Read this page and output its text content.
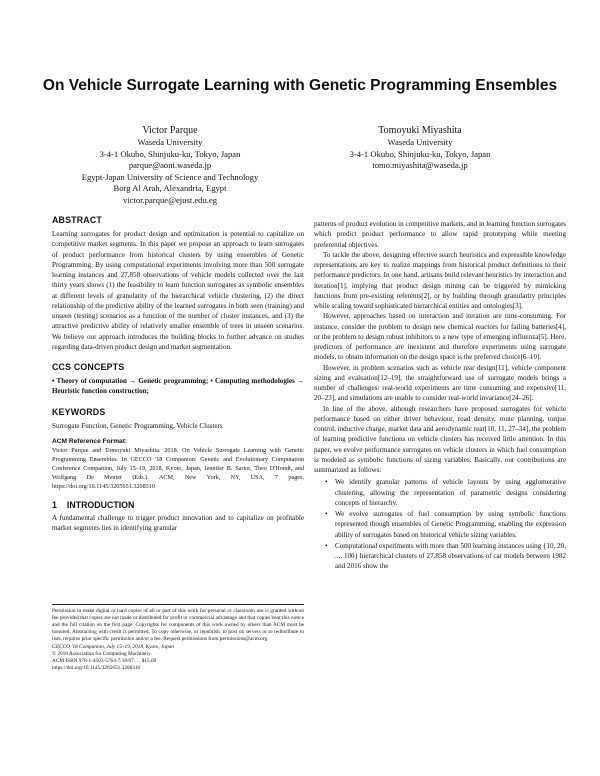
On Vehicle Surrogate Learning with Genetic Programming Ensembles
Victor Parque
Waseda University
3-4-1 Okubo, Shinjuku-ku, Tokyo, Japan
parque@aoni.waseda.jp
Egypt-Japan University of Science and Technology
Borg Al Arah, Alexandria, Egypt
victor.parque@ejust.edu.eg
Tomoyuki Miyashita
Waseda University
3-4-1 Okubo, Shinjuku-ku, Tokyo, Japan
tomo.miyashita@waseda.jp
ABSTRACT

Learning surrogates for product design and optimization is potential to capitalize on competitive market segments. In this paper we propose an approach to learn surrogates of product performance from historical clusters by using ensembles of Genetic Programming. By using computational experiments involving more than 500 surrogate learning instances and 27,858 observations of vehicle models collected over the last thirty years shows (1) the feasibility to learn function surrogates as symbolic ensembles at different levels of granularity of the hierarchical vehicle clustering, (2) the direct relationship of the predictive ability of the learned surrogates in both seen (training) and unseen (testing) scenarios as a function of the number of cluster instances, and (3) the attractive predictive ability of relatively smaller ensemble of trees in unseen scenarios. We believe our approach introduces the building blocks to further advance on studies regarding data-driven product design and market segmentation.

CCS CONCEPTS

• Theory of computation → Genetic programming; • Computing methodologies → Heuristic function construction;

KEYWORDS

Surrogate Function, Genetic Programming, Vehicle Clusters

ACM Reference Format:

Victor Parque and Tomoyuki Miyashita. 2018. On Vehicle Surrogate Learning with Genetic Programming Ensembles. In GECCO '18 Companion: Genetic and Evolutionary Computation Conference Companion, July 15–19, 2018, Kyoto, Japan, Jennifer B. Sartor, Theo D'Hondt, and Wolfgang De Meuter (Eds.). ACM, New York, NY, USA, 7 pages. https://doi.org/10.1145/3205651.3208310

1 INTRODUCTION

A fundamental challenge to trigger product innovation and to capitalize on profitable market segments lies in identifying granular

Permission to make digital or hard copies of all or part of this work for personal or classroom use is granted without fee provided that copies are not made or distributed for profit or commercial advantage and that copies bear this notice and the full citation on the first page. Copyrights for components of this work owned by others than ACM must be honored. Abstracting with credit is permitted. To copy otherwise, or republish, to post on servers or to redistribute to lists, requires prior specific permission and/or a fee. Request permissions from permissions@acm.org.
GECCO '18 Companion, July 15–19, 2018, Kyoto, Japan
© 2018 Association for Computing Machinery.
ACM ISBN 978-1-4503-5764-7/18/07. . . $15.00
https://doi.org/10.1145/3205651.3208310

patterns of product evolution in competitive markets, and in learning function surrogates which predict product performance to allow rapid prototyping while meeting preferential objectives.

To tackle the above, designing effective search heuristics and expressible knowledge representations are key to realize mappings from historical product definitions to their performance predictors. In one hand, artisans build relevant heuristics by interaction and iteration[1], implying that product design mining can be triggered by mimicking functions from pre-existing referents[2], or by building through granularity principles while scaling toward sophisticated hierarchical entities and ontologies[3].

However, approaches based on interaction and iteration are time-consuming. For instance, consider the problem to design new chemical reactors for failing batteries[4], or the problem to design robust inhibitors to a new type of emerging influenza[5]. Here, predictors of performance are inexistent and therefore experiments using surrogate models, to obtain information on the design space is the preferred choice[6–10].

However, in problem scenarios such as vehicle rear design[11], vehicle component sizing and evaluation[12–19], the straightforward use of surrogate models brings a number of challenges: real-world experiments are time consuming and expensive[11, 20–23], and simulations are unable to consider real-world invariance[24–26].

In line of the above, although researchers have proposed surrogates for vehicle performance based on either driver behaviour, road density, route planning, torque control, inductive charge, market data and aerodynamic rear[10, 11, 27–34], the problem of learning predictive functions on vehicle clusters has received little attention. In this paper, we evolve performance surrogates on vehicle clusters in which fuel consumption is modeled as symbolic functions of sizing variables. Basically, our contributions are summarized as follows:

• We identify granular patterns of vehicle layouts by using agglomerative clustering, allowing the representation of parametric designs considering concepts of hierarchy.
• We evolve surrogates of fuel consumption by using symbolic functions represented though ensembles of Genetic Programming, enabling the expression ability of surrogates based on historical vehicle sizing variables.
• Computational experiments with more than 500 learning instances using {10, 20, ..., 100} hierarchical clusters of 27,858 observations of car models between 1982 and 2016 show the
